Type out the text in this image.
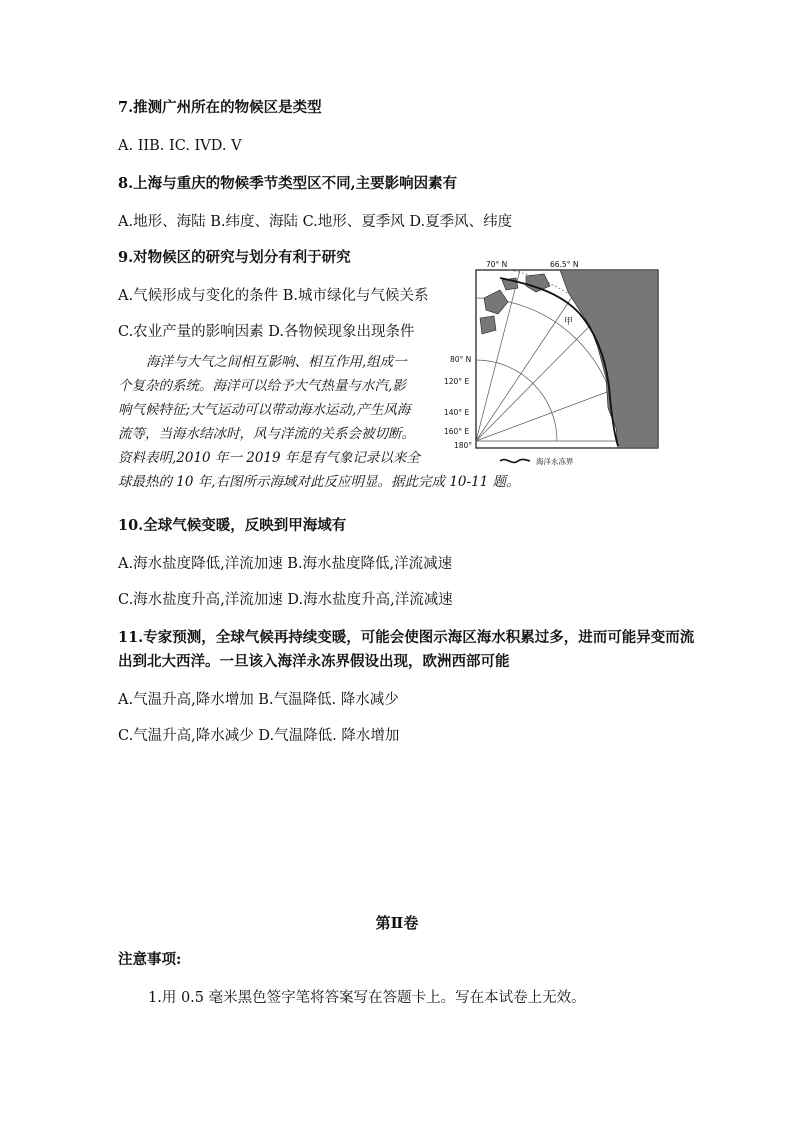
7.推测广州所在的物候区是类型
A. IIB. IC. IVD. V
8.上海与重庆的物候季节类型区不同,主要影响因素有
A.地形、海陆 B.纬度、海陆 C.地形、夏季风 D.夏季风、纬度
9.对物候区的研究与划分有利于研究
A.气候形成与变化的条件 B.城市绿化与气候关系
C.农业产量的影响因素 D.各物候现象出现条件

海洋与大气之间相互影响、相互作用,组成一

个复杂的系统。海洋可以给予大气热量与水汽,影
响气候特征;大气运动可以带动海水运动,产生风海
流等，当海水结冰时，风与洋流的关系会被切断。
资料表明,2010 年一 2019 年是有气象记录以来全
球最热的 10 年,右图所示海域对此反应明显。据此完成 10-11 题。
70° N	66.5° N
80° N
120° E
140° E
160° E
180°
甲
海洋永冻界
10.全球气候变暖，反映到甲海域有
A.海水盐度降低,洋流加速 B.海水盐度降低,洋流减速
C.海水盐度升高,洋流加速 D.海水盐度升高,洋流减速
11.专家预测，全球气候再持续变暖，可能会使图示海区海水积累过多，进而可能异变而流
出到北大西洋。一旦该入海洋永冻界假设出现，欧洲西部可能
A.气温升高,降水增加 B.气温降低. 降水减少
C.气温升高,降水减少 D.气温降低. 降水增加
第Ⅱ卷
注意事项:
1.用 0.5 毫米黑色签字笔将答案写在答题卡上。写在本试卷上无效。
